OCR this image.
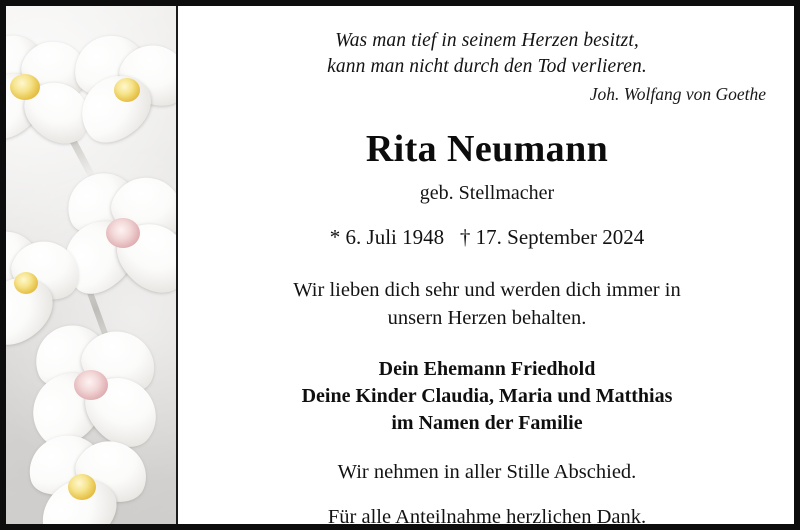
Was man tief in seinem Herzen besitzt,
kann man nicht durch den Tod verlieren.
Joh. Wolfang von Goethe
Rita Neumann
geb. Stellmacher
* 6. Juli 1948   † 17. September 2024
Wir lieben dich sehr und werden dich immer in
unsern Herzen behalten.
Dein Ehemann Friedhold
Deine Kinder Claudia, Maria und Matthias
im Namen der Familie
Wir nehmen in aller Stille Abschied.
Für alle Anteilnahme herzlichen Dank.
